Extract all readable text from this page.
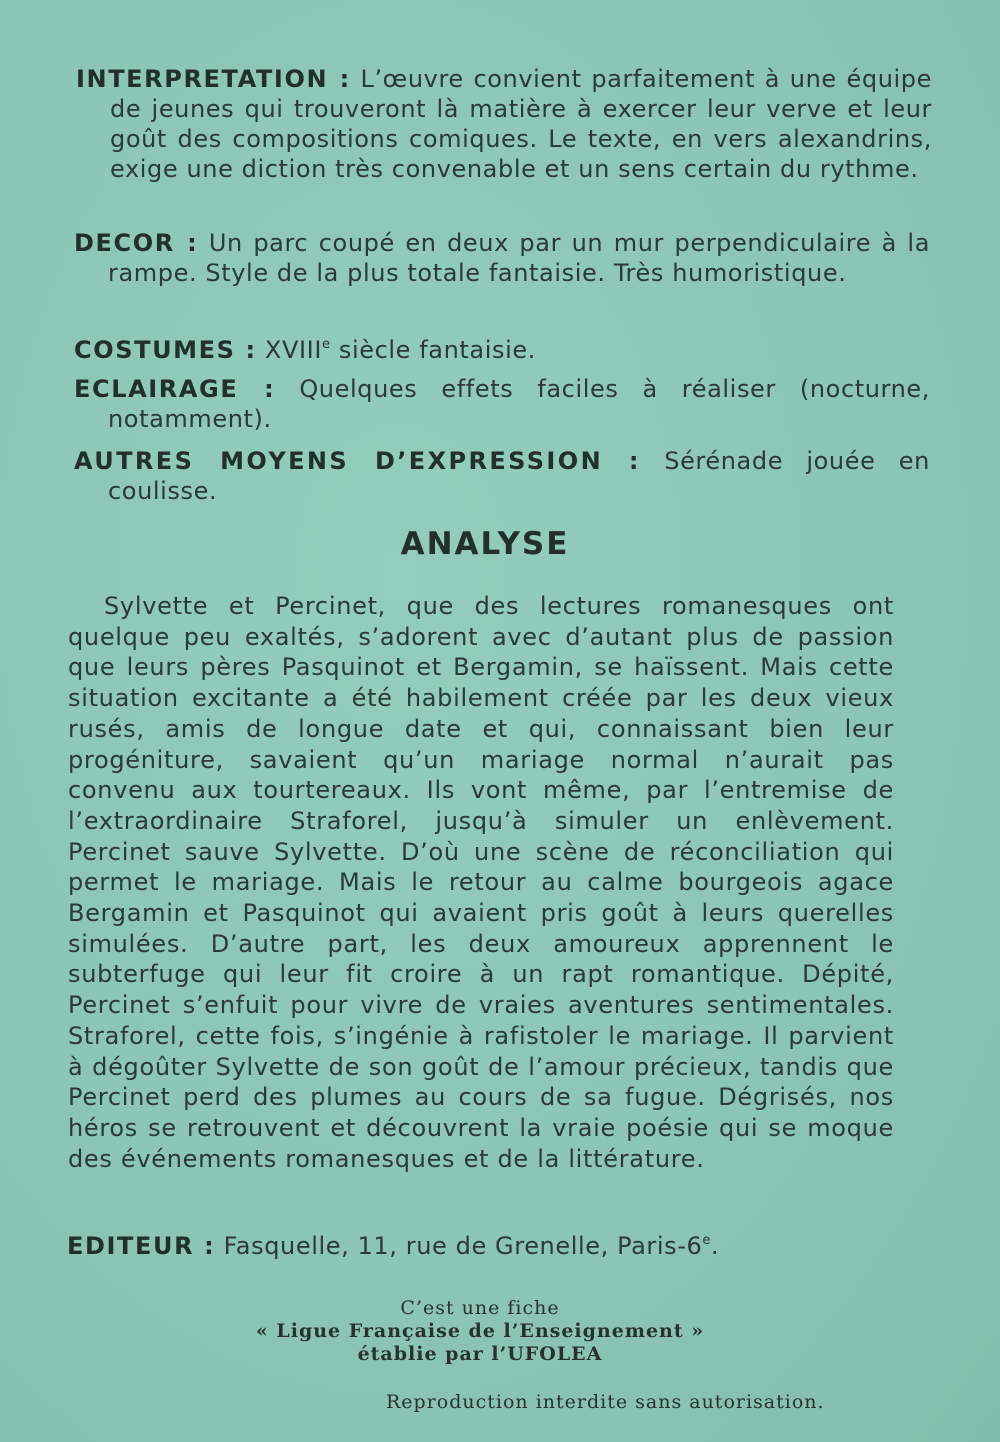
INTERPRETATION : L’œuvre convient parfaitement à une équipe de jeunes qui trouveront là matière à exercer leur verve et leur goût des compositions comiques. Le texte, en vers alexandrins, exige une diction très convenable et un sens certain du rythme.
DECOR : Un parc coupé en deux par un mur perpendiculaire à la rampe. Style de la plus totale fantaisie. Très humoristique.
COSTUMES : XVIIIe siècle fantaisie.
ECLAIRAGE : Quelques effets faciles à réaliser (nocturne, notamment).
AUTRES MOYENS D’EXPRESSION : Sérénade jouée en coulisse.
ANALYSE
Sylvette et Percinet, que des lectures romanesques ont quelque peu exaltés, s’adorent avec d’autant plus de passion que leurs pères Pasquinot et Bergamin, se haïssent. Mais cette situation excitante a été habilement créée par les deux vieux rusés, amis de longue date et qui, connaissant bien leur progéniture, savaient qu’un mariage normal n’aurait pas convenu aux tourtereaux. Ils vont même, par l’entremise de l’extraordinaire Straforel, jusqu’à simuler un enlèvement. Percinet sauve Sylvette. D’où une scène de réconciliation qui permet le mariage. Mais le retour au calme bourgeois agace Bergamin et Pasquinot qui avaient pris goût à leurs querelles simulées. D’autre part, les deux amoureux apprennent le subterfuge qui leur fit croire à un rapt romantique. Dépité, Percinet s’enfuit pour vivre de vraies aventures sentimentales. Straforel, cette fois, s’ingénie à rafistoler le mariage. Il parvient à dégoûter Sylvette de son goût de l’amour précieux, tandis que Percinet perd des plumes au cours de sa fugue. Dégrisés, nos héros se retrouvent et découvrent la vraie poésie qui se moque des événements romanesques et de la littérature.
EDITEUR : Fasquelle, 11, rue de Grenelle, Paris-6e.
C’est une fiche
« Ligue Française de l’Enseignement »
établie par l’UFOLEA
Reproduction interdite sans autorisation.
